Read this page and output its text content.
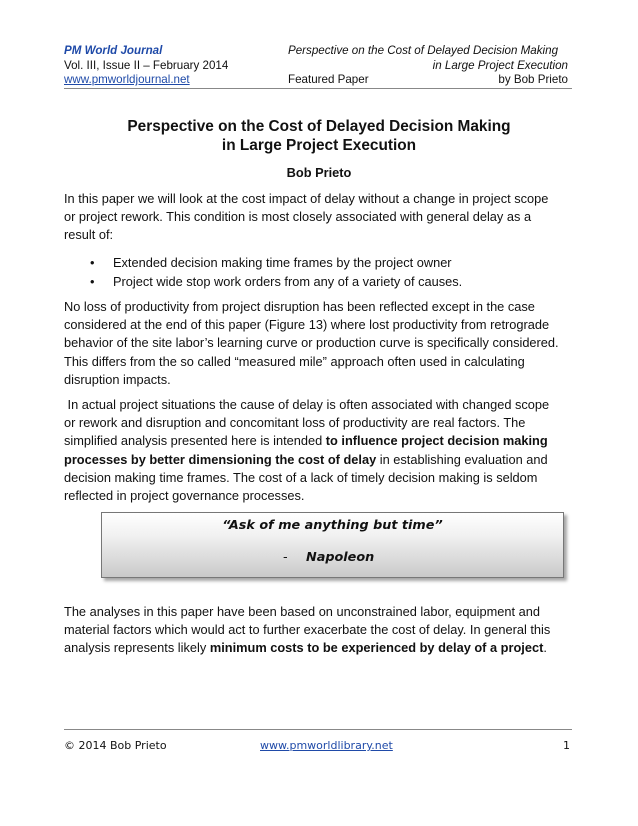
PM World Journal	Perspective on the Cost of Delayed Decision Making
Vol. III, Issue II – February 2014	in Large Project Execution
www.pmworldjournal.net	Featured Paper	by Bob Prieto
Perspective on the Cost of Delayed Decision Making
in Large Project Execution
Bob Prieto
In this paper we will look at the cost impact of delay without a change in project scope
or project rework. This condition is most closely associated with general delay as a
result of:
• Extended decision making time frames by the project owner
• Project wide stop work orders from any of a variety of causes.
No loss of productivity from project disruption has been reflected except in the case
considered at the end of this paper (Figure 13) where lost productivity from retrograde
behavior of the site labor’s learning curve or production curve is specifically considered.
This differs from the so called “measured mile” approach often used in calculating
disruption impacts.
In actual project situations the cause of delay is often associated with changed scope
or rework and disruption and concomitant loss of productivity are real factors. The
simplified analysis presented here is intended to influence project decision making
processes by better dimensioning the cost of delay in establishing evaluation and
decision making time frames. The cost of a lack of timely decision making is seldom
reflected in project governance processes.
“Ask of me anything but time”
- Napoleon
The analyses in this paper have been based on unconstrained labor, equipment and
material factors which would act to further exacerbate the cost of delay. In general this
analysis represents likely minimum costs to be experienced by delay of a project.
© 2014 Bob Prieto	www.pmworldlibrary.net	1
